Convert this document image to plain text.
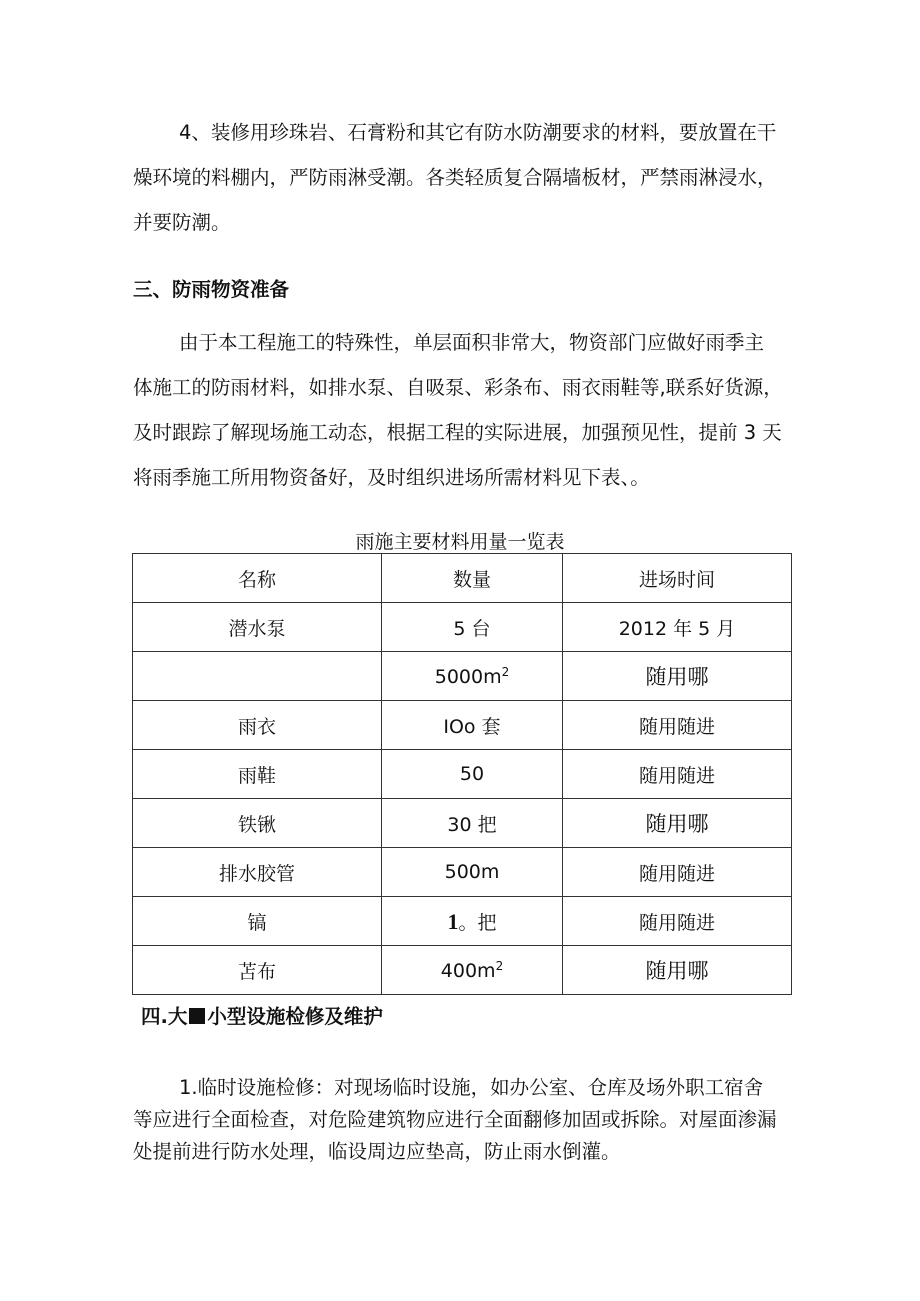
4、装修用珍珠岩、石膏粉和其它有防水防潮要求的材料，要放置在干
燥环境的料棚内，严防雨淋受潮。各类轻质复合隔墙板材，严禁雨淋浸水，
并要防潮。

三、防雨物资准备

由于本工程施工的特殊性，单层面积非常大，物资部门应做好雨季主
体施工的防雨材料，如排水泵、自吸泵、彩条布、雨衣雨鞋等,联系好货源，
及时跟踪了解现场施工动态，根据工程的实际进展，加强预见性，提前 3 天
将雨季施工所用物资备好，及时组织进场所需材料见下表、。

雨施主要材料用量一览表

名称	数量	进场时间
潜水泵	5 台	2012 年 5 月
	$5000m^2$	随用哪
雨衣	IOo 套	随用随进
雨鞋	50	随用随进
铁锹	30 把	随用哪
排水胶管	500m	随用随进
镐	1。把	随用随进
苫布	$400m^2$	随用哪
四.大 小型设施检修及维护

1.临时设施检修：对现场临时设施，如办公室、仓库及场外职工宿舍
等应进行全面检查，对危险建筑物应进行全面翻修加固或拆除。对屋面渗漏
处提前进行防水处理，临设周边应垫高，防止雨水倒灌。
